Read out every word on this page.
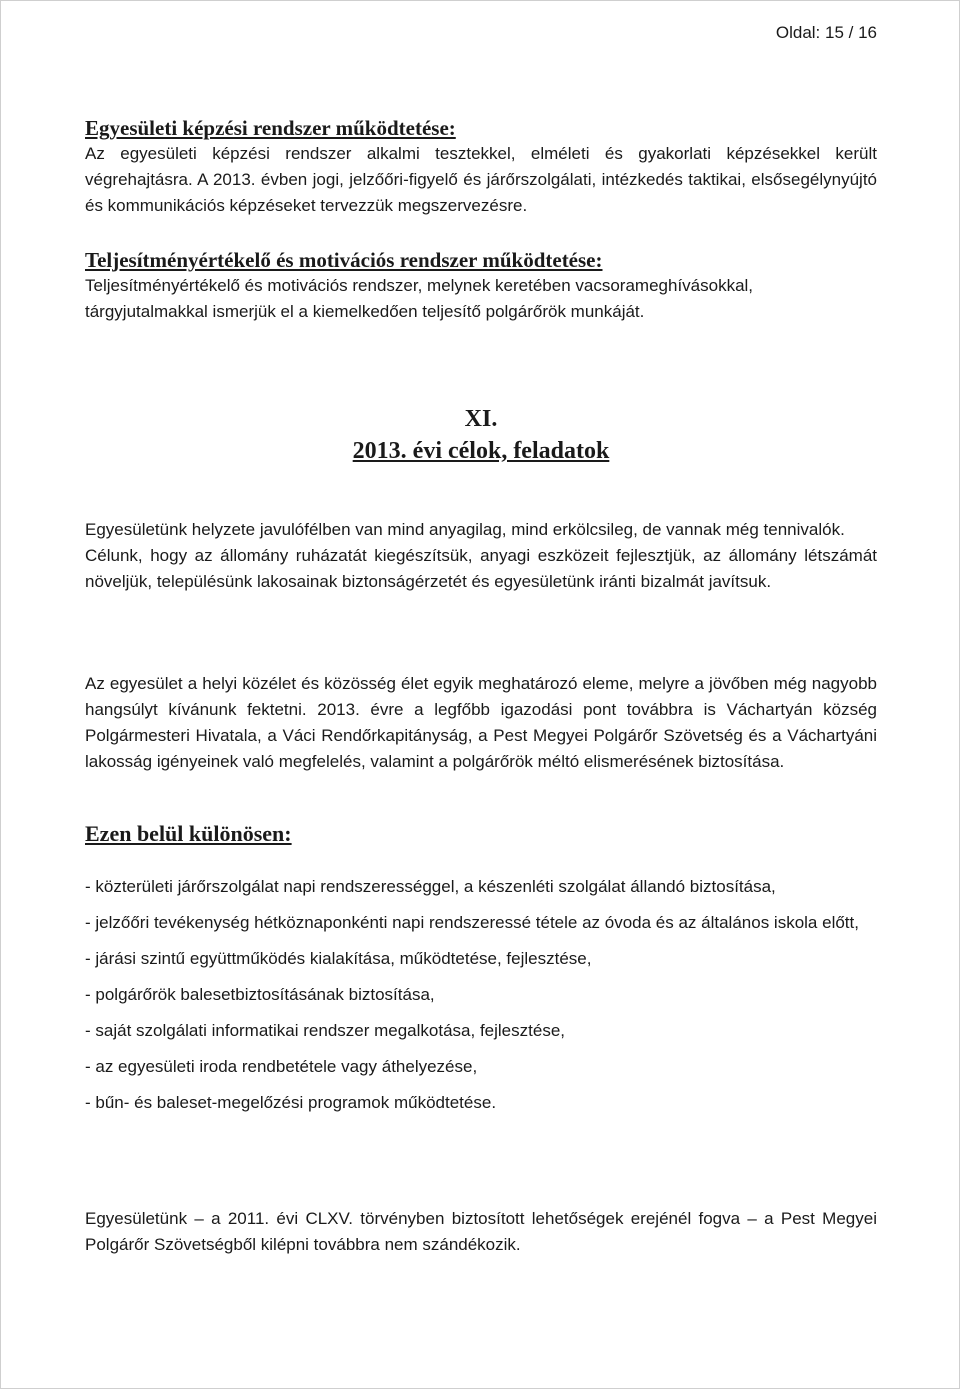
Oldal: 15 / 16
Egyesületi képzési rendszer működtetése:

Az egyesületi képzési rendszer alkalmi tesztekkel, elméleti és gyakorlati képzésekkel került végrehajtásra. A 2013. évben jogi, jelzőőri-figyelő és járőrszolgálati, intézkedés taktikai, elsősegélynyújtó és kommunikációs képzéseket tervezzük megszervezésre.

Teljesítményértékelő és motivációs rendszer működtetése:

Teljesítményértékelő és motivációs rendszer, melynek keretében vacsorameghívásokkal, tárgyjutalmakkal ismerjük el a kiemelkedően teljesítő polgárőrök munkáját.

XI.

2013. évi célok, feladatok

Egyesületünk helyzete javulófélben van mind anyagilag, mind erkölcsileg, de vannak még tennivalók.

Célunk, hogy az állomány ruházatát kiegészítsük, anyagi eszközeit fejlesztjük, az állomány létszámát növeljük, településünk lakosainak biztonságérzetét és egyesületünk iránti bizalmát javítsuk.

Az egyesület a helyi közélet és közösség élet egyik meghatározó eleme, melyre a jövőben még nagyobb hangsúlyt kívánunk fektetni. 2013. évre a legfőbb igazodási pont továbbra is Váchartyán község Polgármesteri Hivatala, a Váci Rendőrkapitányság, a Pest Megyei Polgárőr Szövetség és a Váchartyáni lakosság igényeinek való megfelelés, valamint a polgárőrök méltó elismerésének biztosítása.

Ezen belül különösen:

- közterületi járőrszolgálat napi rendszerességgel, a készenléti szolgálat állandó biztosítása,

- jelzőőri tevékenység hétköznaponkénti napi rendszeressé tétele az óvoda és az általános iskola előtt,

- járási szintű együttműködés kialakítása, működtetése, fejlesztése,

- polgárőrök balesetbiztosításának biztosítása,

- saját szolgálati informatikai rendszer megalkotása, fejlesztése,

- az egyesületi iroda rendbetétele vagy áthelyezése,

- bűn- és baleset-megelőzési programok működtetése.

Egyesületünk – a 2011. évi CLXV. törvényben biztosított lehetőségek erejénél fogva – a Pest Megyei Polgárőr Szövetségből kilépni továbbra nem szándékozik.
